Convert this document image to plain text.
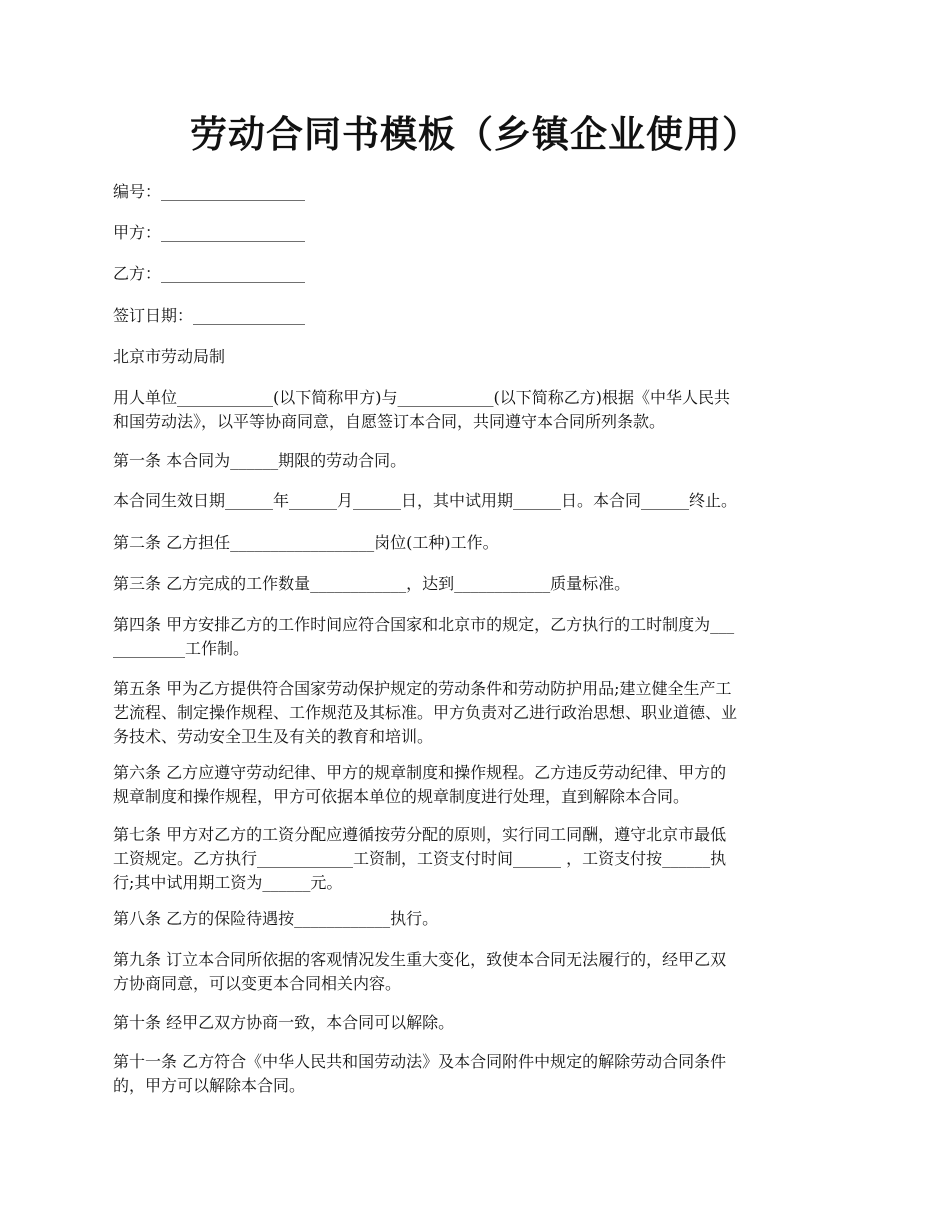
劳动合同书模板（乡镇企业使用）
编号：__________________
甲方：__________________
乙方：__________________
签订日期：______________
北京市劳动局制
用人单位____________(以下简称甲方)与____________(以下简称乙方)根据《中华人民共
和国劳动法》，以平等协商同意，自愿签订本合同，共同遵守本合同所列条款。
第一条 本合同为______期限的劳动合同。
本合同生效日期______年______月______日，其中试用期______日。本合同______终止。
第二条 乙方担任__________________岗位(工种)工作。
第三条 乙方完成的工作数量____________，达到____________质量标准。
第四条 甲方安排乙方的工作时间应符合国家和北京市的规定，乙方执行的工时制度为___
_________工作制。
第五条 甲为乙方提供符合国家劳动保护规定的劳动条件和劳动防护用品;建立健全生产工
艺流程、制定操作规程、工作规范及其标准。甲方负责对乙进行政治思想、职业道德、业
务技术、劳动安全卫生及有关的教育和培训。
第六条 乙方应遵守劳动纪律、甲方的规章制度和操作规程。乙方违反劳动纪律、甲方的
规章制度和操作规程，甲方可依据本单位的规章制度进行处理，直到解除本合同。
第七条 甲方对乙方的工资分配应遵循按劳分配的原则，实行同工同酬，遵守北京市最低
工资规定。乙方执行____________工资制，工资支付时间______ ，工资支付按______执
行;其中试用期工资为______元。
第八条 乙方的保险待遇按____________执行。
第九条 订立本合同所依据的客观情况发生重大变化，致使本合同无法履行的，经甲乙双
方协商同意，可以变更本合同相关内容。
第十条 经甲乙双方协商一致，本合同可以解除。
第十一条 乙方符合《中华人民共和国劳动法》及本合同附件中规定的解除劳动合同条件
的，甲方可以解除本合同。
